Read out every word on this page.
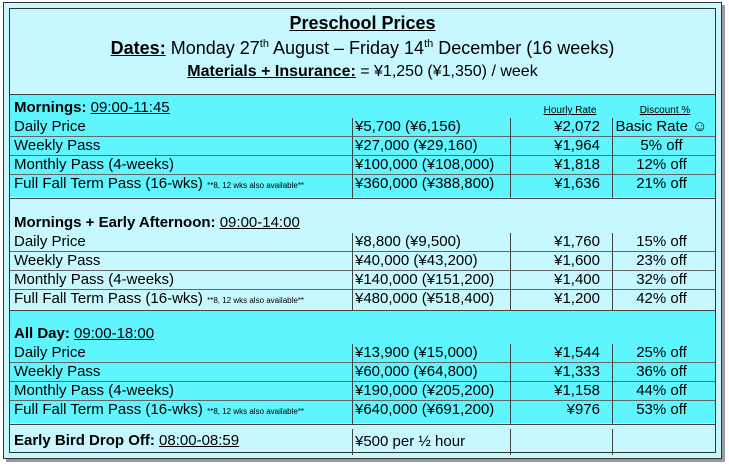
Preschool Prices
Dates: Monday 27th August – Friday 14th December (16 weeks)
Materials + Insurance: = ¥1,250 (¥1,350) / week
Mornings: 09:00-11:45	Hourly Rate	Discount %
Daily Price	¥5,700 (¥6,156)	¥2,072	Basic Rate ☺
Weekly Pass	¥27,000 (¥29,160)	¥1,964	5% off
Monthly Pass (4-weeks)	¥100,000 (¥108,000)	¥1,818	12% off
Full Fall Term Pass (16-wks) **8, 12 wks also available**	¥360,000 (¥388,800)	¥1,636	21% off
Mornings + Early Afternoon: 09:00-14:00
Daily Price	¥8,800 (¥9,500)	¥1,760	15% off
Weekly Pass	¥40,000 (¥43,200)	¥1,600	23% off
Monthly Pass (4-weeks)	¥140,000 (¥151,200)	¥1,400	32% off
Full Fall Term Pass (16-wks) **8, 12 wks also available**	¥480,000 (¥518,400)	¥1,200	42% off
All Day: 09:00-18:00
Daily Price	¥13,900 (¥15,000)	¥1,544	25% off
Weekly Pass	¥60,000 (¥64,800)	¥1,333	36% off
Monthly Pass (4-weeks)	¥190,000 (¥205,200)	¥1,158	44% off
Full Fall Term Pass (16-wks) **8, 12 wks also available**	¥640,000 (¥691,200)	¥976	53% off
Early Bird Drop Off: 08:00-08:59	¥500 per ½ hour
